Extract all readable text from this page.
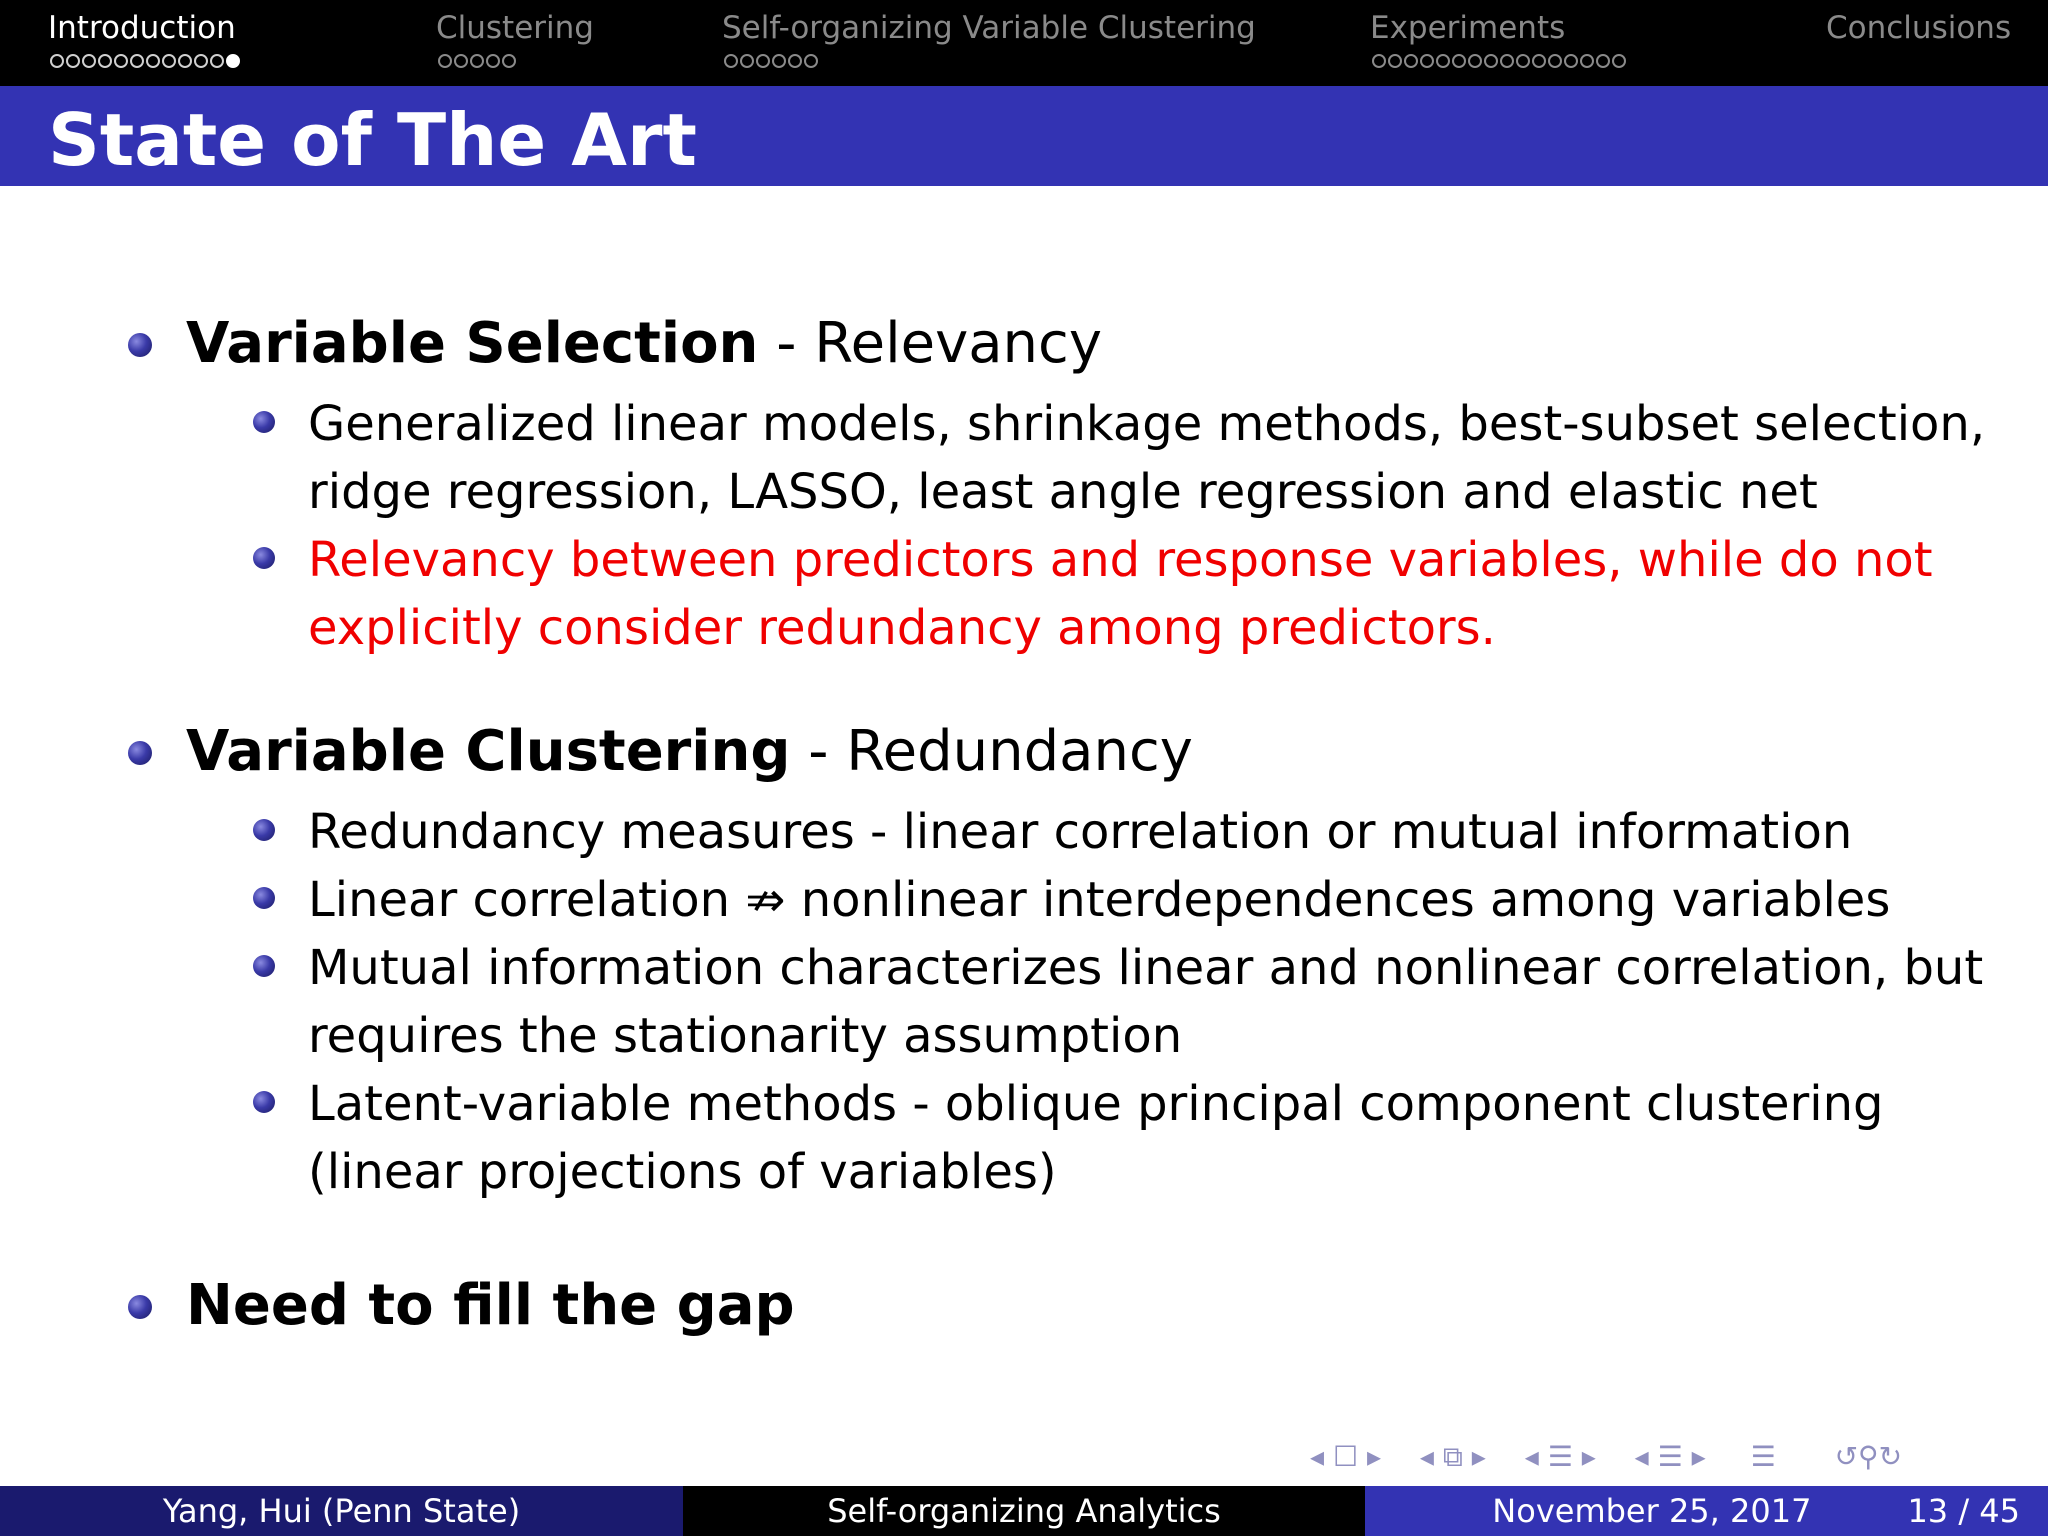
Introduction	Clustering	Self-organizing Variable Clustering	Experiments	Conclusions
State of The Art
Variable Selection - Relevancy
Generalized linear models, shrinkage methods, best-subset selection, ridge regression, LASSO, least angle regression and elastic net
Relevancy between predictors and response variables, while do not explicitly consider redundancy among predictors.
Variable Clustering - Redundancy
Redundancy measures - linear correlation or mutual information
Linear correlation ⇏ nonlinear interdependences among variables
Mutual information characterizes linear and nonlinear correlation, but requires the stationarity assumption
Latent-variable methods - oblique principal component clustering (linear projections of variables)
Need to fill the gap
◂ ☐ ▸ ◂ ⧉ ▸ ◂ ☰ ▸ ◂ ☰ ▸ ☰ ↺⚲↻
Yang, Hui (Penn State)	Self-organizing Analytics	November 25, 2017	13 / 45
